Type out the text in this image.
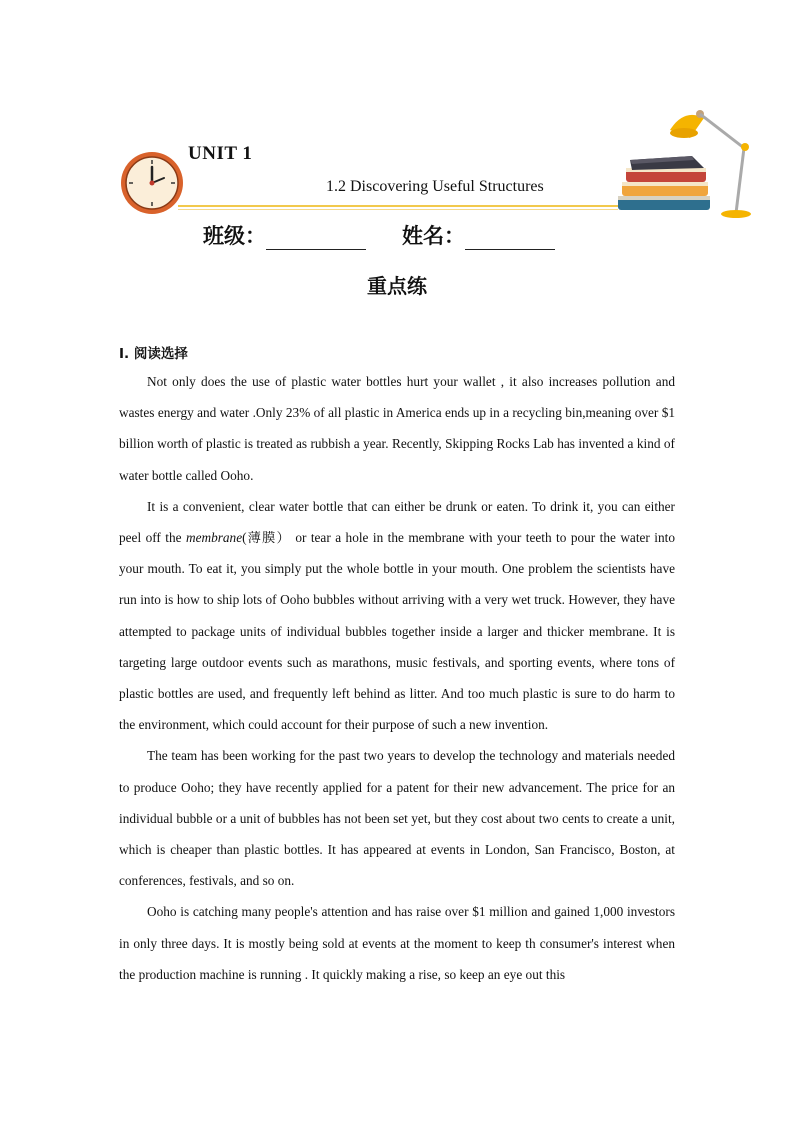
UNIT 1
1.2 Discovering Useful Structures
班级：	姓名：
重点练
I. 阅读选择

Not only does the use of plastic water bottles hurt your wallet , it also increases pollution and wastes energy and water .Only 23% of all plastic in America ends up in a recycling bin,meaning over $1 billion worth of plastic is treated as rubbish a year. Recently, Skipping Rocks Lab has invented a kind of water bottle called Ooho.

It is a convenient, clear water bottle that can either be drunk or eaten. To drink it, you can either peel off the membrane(薄膜） or tear a hole in the membrane with your teeth to pour the water into your mouth. To eat it, you simply put the whole bottle in your mouth. One problem the scientists have run into is how to ship lots of Ooho bubbles without arriving with a very wet truck. However, they have attempted to package units of individual bubbles together inside a larger and thicker membrane. It is targeting large outdoor events such as marathons, music festivals, and sporting events, where tons of plastic bottles are used, and frequently left behind as litter. And too much plastic is sure to do harm to the environment, which could account for their purpose of such a new invention.

The team has been working for the past two years to develop the technology and materials needed to produce Ooho; they have recently applied for a patent for their new advancement. The price for an individual bubble or a unit of bubbles has not been set yet, but they cost about two cents to create a unit, which is cheaper than plastic bottles. It has appeared at events in London, San Francisco, Boston, at conferences, festivals, and so on.

Ooho is catching many people's attention and has raise over $1 million and gained 1,000 investors in only three days. It is mostly being sold at events at the moment to keep th consumer's interest when the production machine is running . It quickly making a rise, so keep an eye out this
